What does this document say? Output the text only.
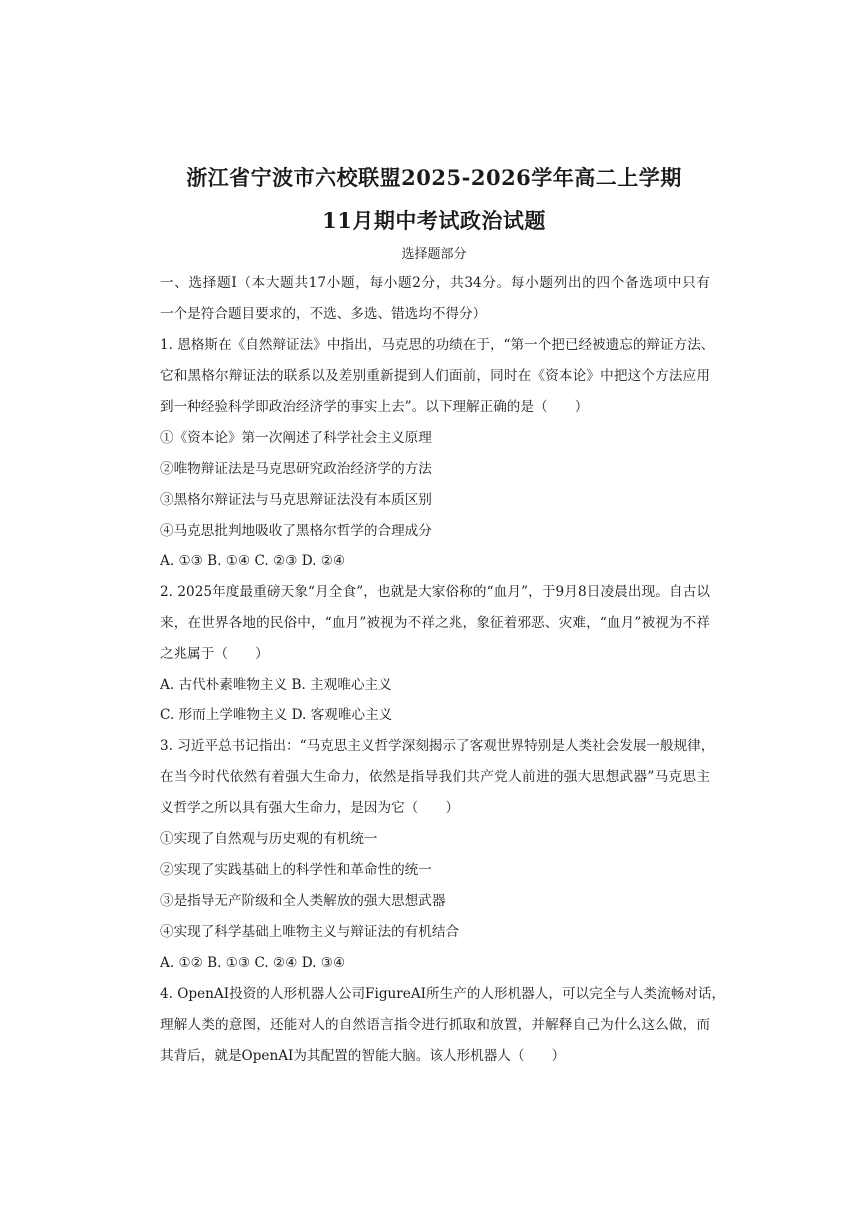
浙江省宁波市六校联盟2025-2026学年高二上学期
11月期中考试政治试题
选择题部分
一、选择题Ⅰ（本大题共17小题，每小题2分，共34分。每小题列出的四个备选项中只有
一个是符合题目要求的，不选、多选、错选均不得分）
1. 恩格斯在《自然辩证法》中指出，马克思的功绩在于，“第一个把已经被遗忘的辩证方法、
它和黑格尔辩证法的联系以及差别重新提到人们面前，同时在《资本论》中把这个方法应用
到一种经验科学即政治经济学的事实上去”。以下理解正确的是（　　）
①《资本论》第一次阐述了科学社会主义原理
②唯物辩证法是马克思研究政治经济学的方法
③黑格尔辩证法与马克思辩证法没有本质区别
④马克思批判地吸收了黑格尔哲学的合理成分
A. ①③ B. ①④ C. ②③ D. ②④
2. 2025年度最重磅天象“月全食”，也就是大家俗称的“血月”，于9月8日凌晨出现。自古以
来，在世界各地的民俗中，“血月”被视为不祥之兆，象征着邪恶、灾难，“血月”被视为不祥
之兆属于（　　）
A. 古代朴素唯物主义 B. 主观唯心主义
C. 形而上学唯物主义 D. 客观唯心主义
3. 习近平总书记指出：“马克思主义哲学深刻揭示了客观世界特别是人类社会发展一般规律，
在当今时代依然有着强大生命力，依然是指导我们共产党人前进的强大思想武器”马克思主
义哲学之所以具有强大生命力，是因为它（　　）
①实现了自然观与历史观的有机统一
②实现了实践基础上的科学性和革命性的统一
③是指导无产阶级和全人类解放的强大思想武器
④实现了科学基础上唯物主义与辩证法的有机结合
A. ①② B. ①③ C. ②④ D. ③④
4. OpenAI投资的人形机器人公司FigureAI所生产的人形机器人，可以完全与人类流畅对话，
理解人类的意图，还能对人的自然语言指令进行抓取和放置，并解释自己为什么这么做，而
其背后，就是OpenAI为其配置的智能大脑。该人形机器人（　　）
